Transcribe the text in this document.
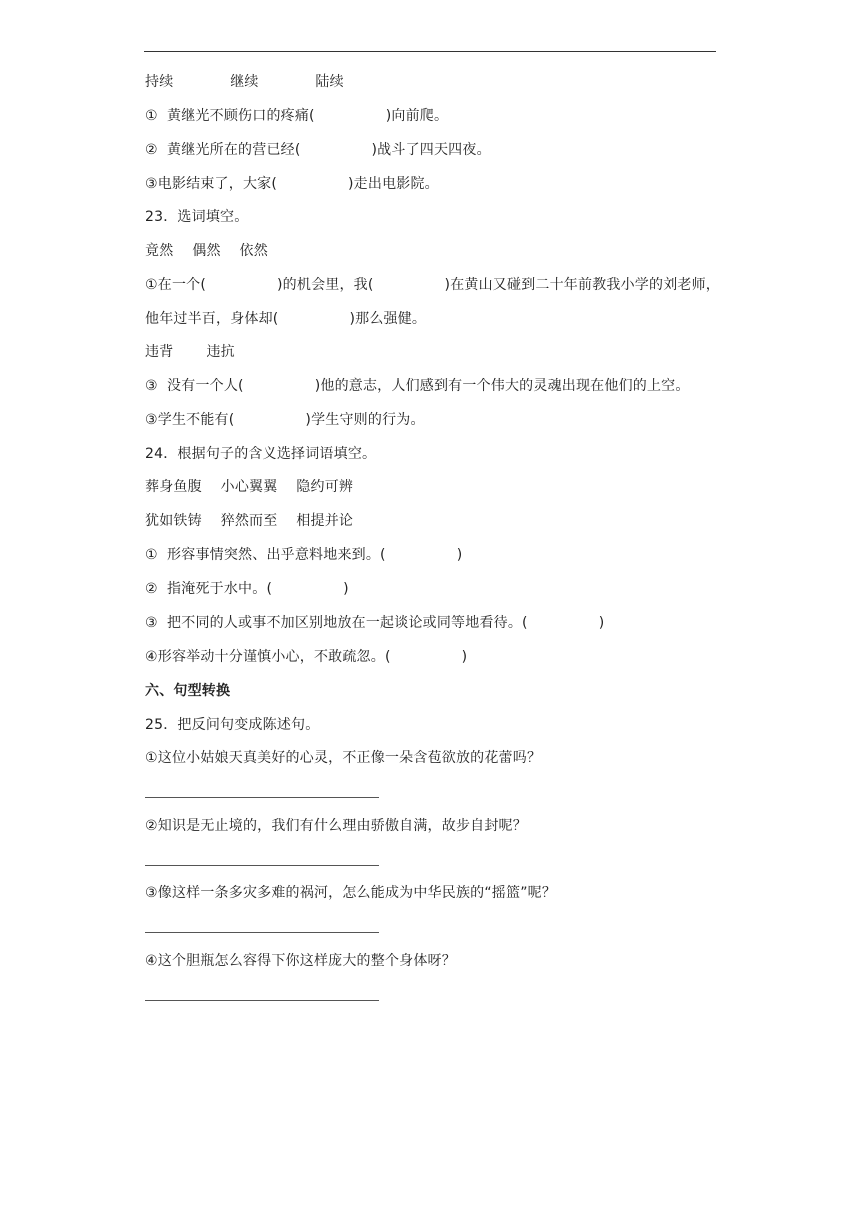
持续　　　　继续　　　　陆续
①  黄继光不顾伤口的疼痛(　　　　　)向前爬。
②  黄继光所在的营已经(　　　　　)战斗了四天四夜。
③电影结束了，大家(　　　　　)走出电影院。
23．选词填空。
竟然　 偶然　 依然
①在一个(　　　　　)的机会里，我(　　　　　)在黄山又碰到二十年前教我小学的刘老师，
他年过半百，身体却(　　　　　)那么强健。
违背　　 违抗
③  没有一个人(　　　　　)他的意志，人们感到有一个伟大的灵魂出现在他们的上空。
③学生不能有(　　　　　)学生守则的行为。
24．根据句子的含义选择词语填空。
葬身鱼腹　 小心翼翼　 隐约可辨
犹如铁铸　 猝然而至　 相提并论
①  形容事情突然、出乎意料地来到。(　　　　　)
②  指淹死于水中。(　　　　　)
③  把不同的人或事不加区别地放在一起谈论或同等地看待。(　　　　　)
④形容举动十分谨慎小心，不敢疏忽。(　　　　　)
六、句型转换
25．把反问句变成陈述句。
①这位小姑娘天真美好的心灵，不正像一朵含苞欲放的花蕾吗？
②知识是无止境的，我们有什么理由骄傲自满，故步自封呢？
③像这样一条多灾多难的祸河，怎么能成为中华民族的“摇篮”呢？
④这个胆瓶怎么容得下你这样庞大的整个身体呀？
